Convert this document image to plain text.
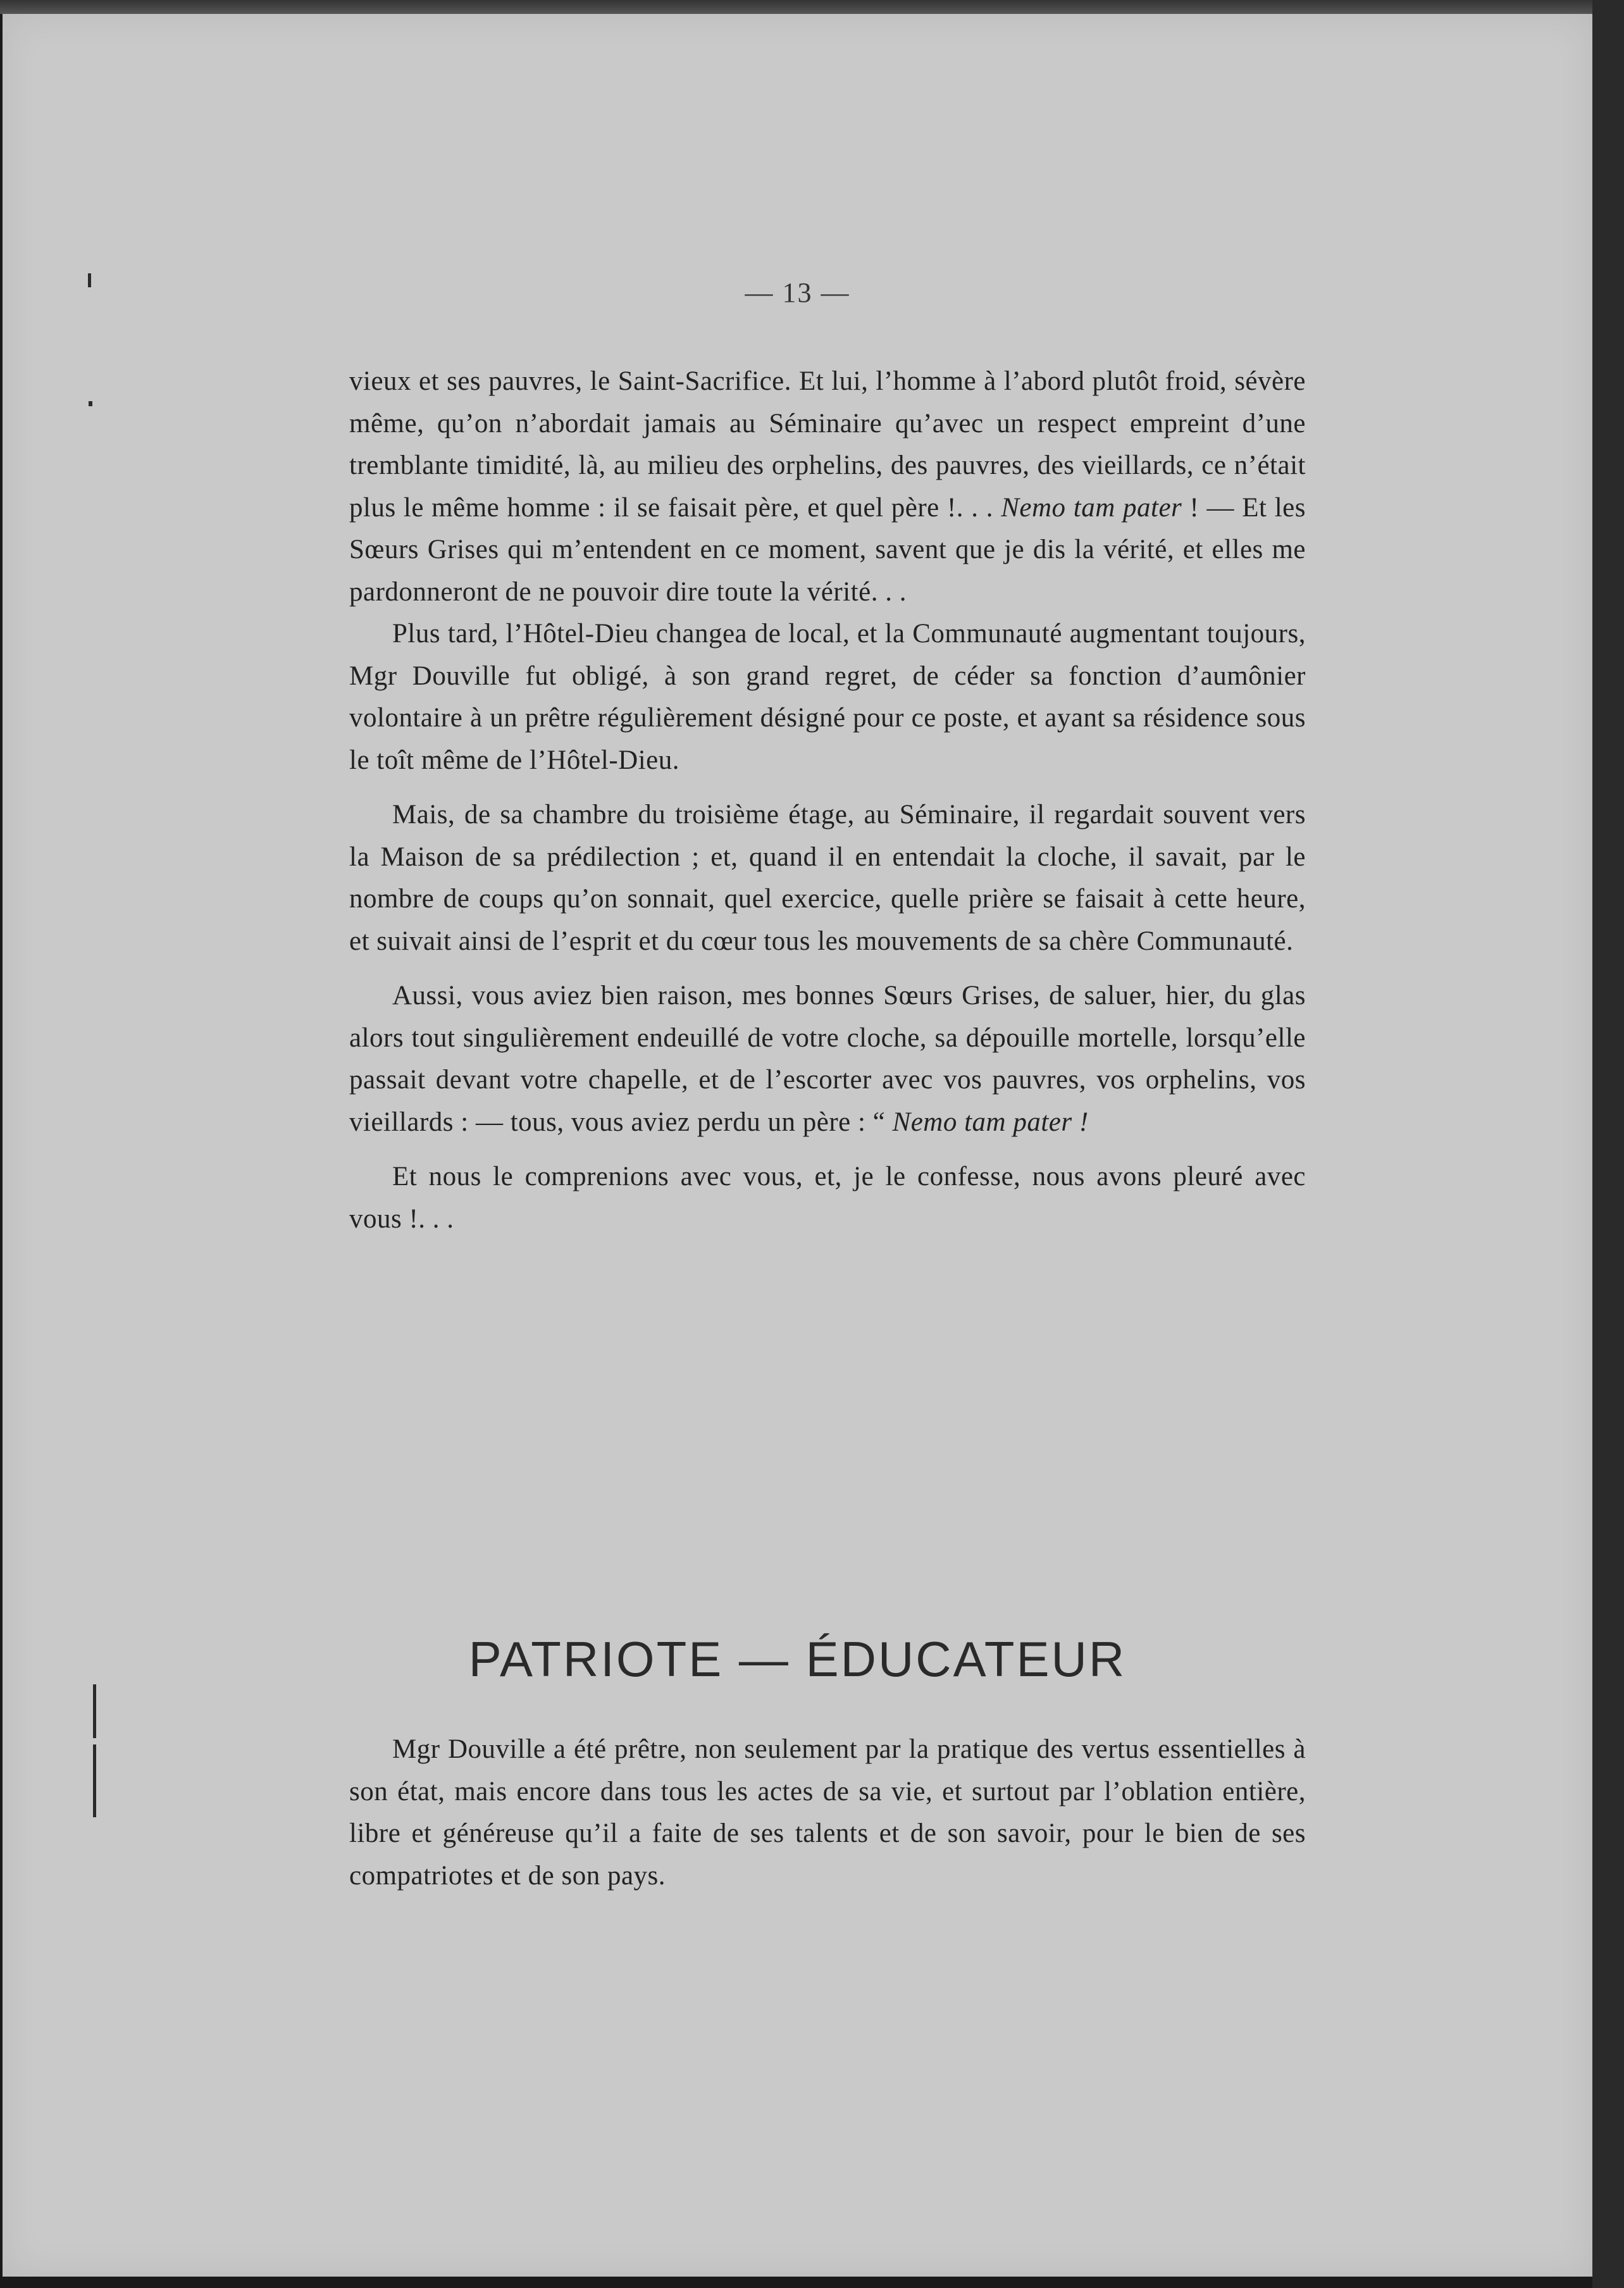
— 13 —

vieux et ses pauvres, le Saint-Sacrifice. Et lui, l’homme à l’abord plutôt froid, sévère même, qu’on n’abordait jamais au Séminaire qu’avec un respect empreint d’une tremblante timidité, là, au milieu des orphelins, des pauvres, des vieillards, ce n’était plus le même homme : il se faisait père, et quel père !. . . Nemo tam pater ! — Et les Sœurs Grises qui m’entendent en ce moment, savent que je dis la vérité, et elles me pardonneront de ne pouvoir dire toute la vérité. . .

Plus tard, l’Hôtel-Dieu changea de local, et la Communauté augmentant toujours, Mgr Douville fut obligé, à son grand regret, de céder sa fonction d’aumônier volontaire à un prêtre régulièrement désigné pour ce poste, et ayant sa résidence sous le toît même de l’Hôtel-Dieu.

Mais, de sa chambre du troisième étage, au Séminaire, il regardait souvent vers la Maison de sa prédilection ; et, quand il en entendait la cloche, il savait, par le nombre de coups qu’on sonnait, quel exercice, quelle prière se faisait à cette heure, et suivait ainsi de l’esprit et du cœur tous les mouvements de sa chère Communauté.

Aussi, vous aviez bien raison, mes bonnes Sœurs Grises, de saluer, hier, du glas alors tout singulièrement endeuillé de votre cloche, sa dépouille mortelle, lorsqu’elle passait devant votre chapelle, et de l’escorter avec vos pauvres, vos orphelins, vos vieillards : — tous, vous aviez perdu un père : “ Nemo tam pater !

Et nous le comprenions avec vous, et, je le confesse, nous avons pleuré avec vous !. . .

PATRIOTE — ÉDUCATEUR

Mgr Douville a été prêtre, non seulement par la pratique des vertus essentielles à son état, mais encore dans tous les actes de sa vie, et surtout par l’oblation entière, libre et généreuse qu’il a faite de ses talents et de son savoir, pour le bien de ses compatriotes et de son pays.
